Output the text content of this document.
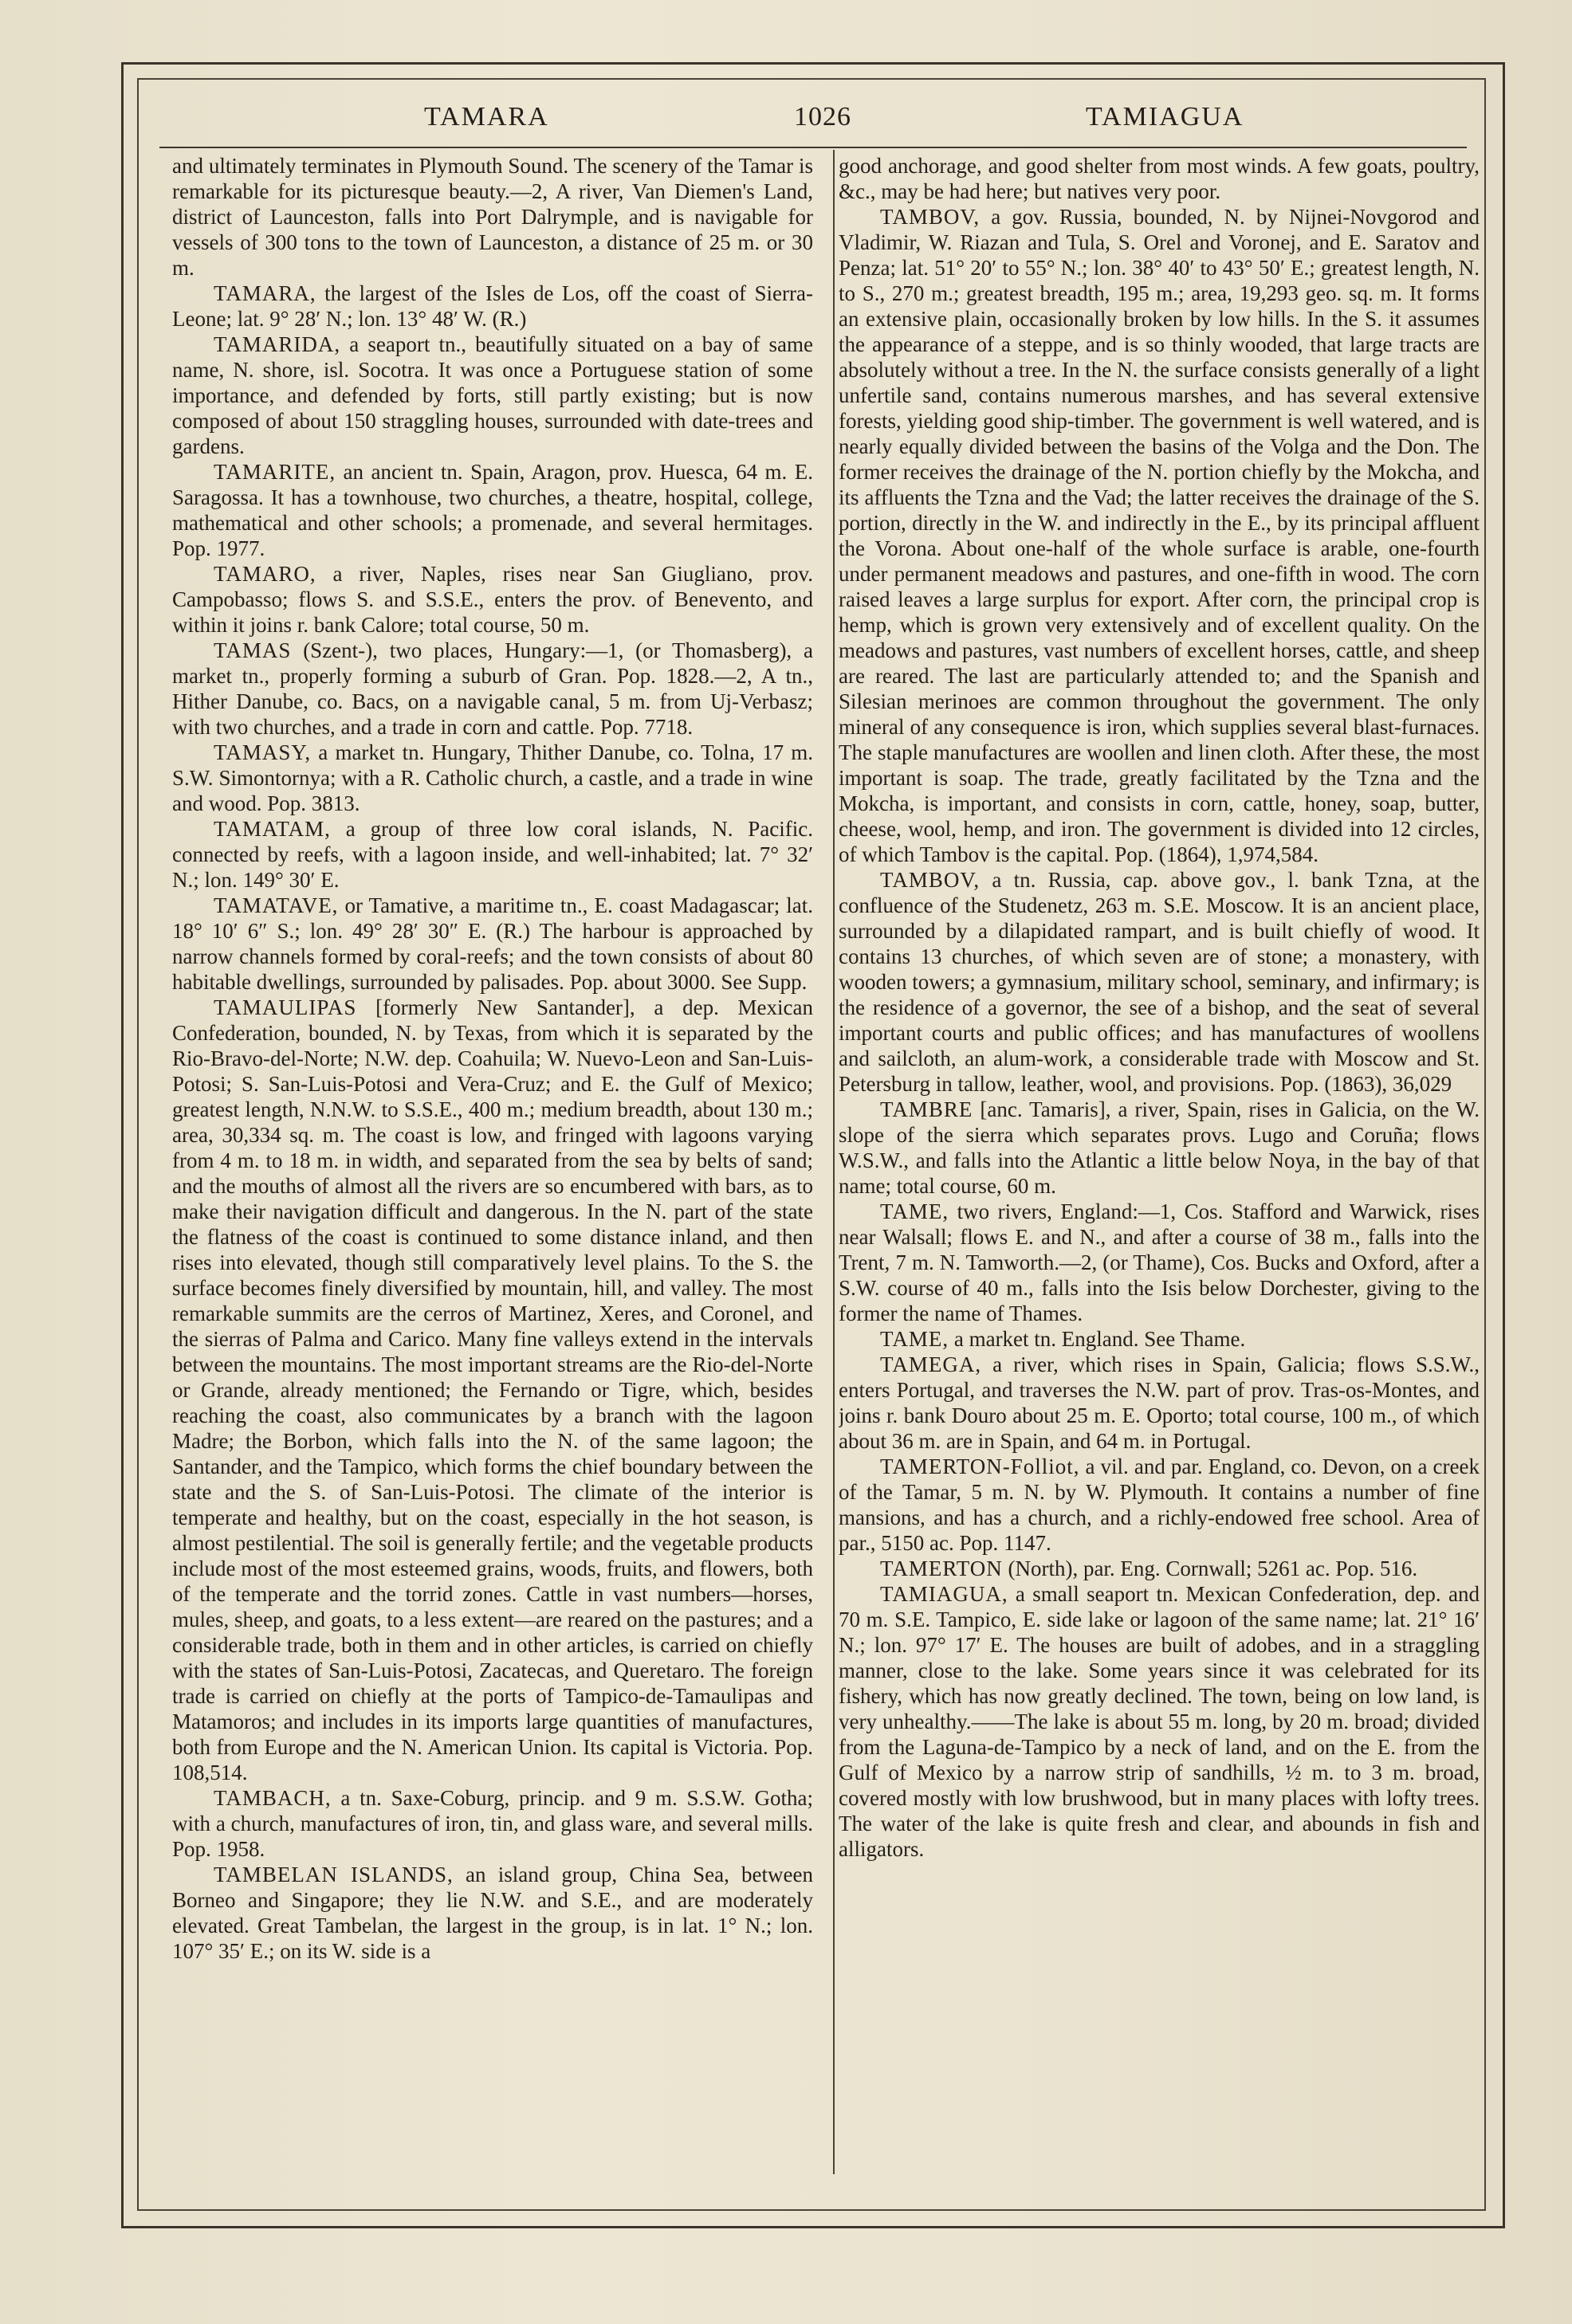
TAMARA	1026	TAMIAGUA

and ultimately terminates in Plymouth Sound. The scenery of the Tamar is remarkable for its picturesque beauty.—2, A river, Van Diemen's Land, district of Launceston, falls into Port Dalrymple, and is navigable for vessels of 300 tons to the town of Launceston, a distance of 25 m. or 30 m.

TAMARA, the largest of the Isles de Los, off the coast of Sierra-Leone; lat. 9° 28′ N.; lon. 13° 48′ W. (R.)

TAMARIDA, a seaport tn., beautifully situated on a bay of same name, N. shore, isl. Socotra. It was once a Portuguese station of some importance, and defended by forts, still partly existing; but is now composed of about 150 straggling houses, surrounded with date-trees and gardens.

TAMARITE, an ancient tn. Spain, Aragon, prov. Huesca, 64 m. E. Saragossa. It has a townhouse, two churches, a theatre, hospital, college, mathematical and other schools; a promenade, and several hermitages. Pop. 1977.

TAMARO, a river, Naples, rises near San Giugliano, prov. Campobasso; flows S. and S.S.E., enters the prov. of Benevento, and within it joins r. bank Calore; total course, 50 m.

TAMAS (Szent-), two places, Hungary:—1, (or Thomasberg), a market tn., properly forming a suburb of Gran. Pop. 1828.—2, A tn., Hither Danube, co. Bacs, on a navigable canal, 5 m. from Uj-Verbasz; with two churches, and a trade in corn and cattle. Pop. 7718.

TAMASY, a market tn. Hungary, Thither Danube, co. Tolna, 17 m. S.W. Simontornya; with a R. Catholic church, a castle, and a trade in wine and wood. Pop. 3813.

TAMATAM, a group of three low coral islands, N. Pacific. connected by reefs, with a lagoon inside, and well-inhabited; lat. 7° 32′ N.; lon. 149° 30′ E.

TAMATAVE, or Tamative, a maritime tn., E. coast Madagascar; lat. 18° 10′ 6″ S.; lon. 49° 28′ 30″ E. (R.) The harbour is approached by narrow channels formed by coral-reefs; and the town consists of about 80 habitable dwellings, surrounded by palisades. Pop. about 3000. See Supp.

TAMAULIPAS [formerly New Santander], a dep. Mexican Confederation, bounded, N. by Texas, from which it is separated by the Rio-Bravo-del-Norte; N.W. dep. Coahuila; W. Nuevo-Leon and San-Luis-Potosi; S. San-Luis-Potosi and Vera-Cruz; and E. the Gulf of Mexico; greatest length, N.N.W. to S.S.E., 400 m.; medium breadth, about 130 m.; area, 30,334 sq. m. The coast is low, and fringed with lagoons varying from 4 m. to 18 m. in width, and separated from the sea by belts of sand; and the mouths of almost all the rivers are so encumbered with bars, as to make their navigation difficult and dangerous. In the N. part of the state the flatness of the coast is continued to some distance inland, and then rises into elevated, though still comparatively level plains. To the S. the surface becomes finely diversified by mountain, hill, and valley. The most remarkable summits are the cerros of Martinez, Xeres, and Coronel, and the sierras of Palma and Carico. Many fine valleys extend in the intervals between the mountains. The most important streams are the Rio-del-Norte or Grande, already mentioned; the Fernando or Tigre, which, besides reaching the coast, also communicates by a branch with the lagoon Madre; the Borbon, which falls into the N. of the same lagoon; the Santander, and the Tampico, which forms the chief boundary between the state and the S. of San-Luis-Potosi. The climate of the interior is temperate and healthy, but on the coast, especially in the hot season, is almost pestilential. The soil is generally fertile; and the vegetable products include most of the most esteemed grains, woods, fruits, and flowers, both of the temperate and the torrid zones. Cattle in vast numbers—horses, mules, sheep, and goats, to a less extent—are reared on the pastures; and a considerable trade, both in them and in other articles, is carried on chiefly with the states of San-Luis-Potosi, Zacatecas, and Queretaro. The foreign trade is carried on chiefly at the ports of Tampico-de-Tamaulipas and Matamoros; and includes in its imports large quantities of manufactures, both from Europe and the N. American Union. Its capital is Victoria. Pop. 108,514.

TAMBACH, a tn. Saxe-Coburg, princip. and 9 m. S.S.W. Gotha; with a church, manufactures of iron, tin, and glass ware, and several mills. Pop. 1958.

TAMBELAN ISLANDS, an island group, China Sea, between Borneo and Singapore; they lie N.W. and S.E., and are moderately elevated. Great Tambelan, the largest in the group, is in lat. 1° N.; lon. 107° 35′ E.; on its W. side is a

good anchorage, and good shelter from most winds. A few goats, poultry, &c., may be had here; but natives very poor.

TAMBOV, a gov. Russia, bounded, N. by Nijnei-Novgorod and Vladimir, W. Riazan and Tula, S. Orel and Voronej, and E. Saratov and Penza; lat. 51° 20′ to 55° N.; lon. 38° 40′ to 43° 50′ E.; greatest length, N. to S., 270 m.; greatest breadth, 195 m.; area, 19,293 geo. sq. m. It forms an extensive plain, occasionally broken by low hills. In the S. it assumes the appearance of a steppe, and is so thinly wooded, that large tracts are absolutely without a tree. In the N. the surface consists generally of a light unfertile sand, contains numerous marshes, and has several extensive forests, yielding good ship-timber. The government is well watered, and is nearly equally divided between the basins of the Volga and the Don. The former receives the drainage of the N. portion chiefly by the Mokcha, and its affluents the Tzna and the Vad; the latter receives the drainage of the S. portion, directly in the W. and indirectly in the E., by its principal affluent the Vorona. About one-half of the whole surface is arable, one-fourth under permanent meadows and pastures, and one-fifth in wood. The corn raised leaves a large surplus for export. After corn, the principal crop is hemp, which is grown very extensively and of excellent quality. On the meadows and pastures, vast numbers of excellent horses, cattle, and sheep are reared. The last are particularly attended to; and the Spanish and Silesian merinoes are common throughout the government. The only mineral of any consequence is iron, which supplies several blast-furnaces. The staple manufactures are woollen and linen cloth. After these, the most important is soap. The trade, greatly facilitated by the Tzna and the Mokcha, is important, and consists in corn, cattle, honey, soap, butter, cheese, wool, hemp, and iron. The government is divided into 12 circles, of which Tambov is the capital. Pop. (1864), 1,974,584.

TAMBOV, a tn. Russia, cap. above gov., l. bank Tzna, at the confluence of the Studenetz, 263 m. S.E. Moscow. It is an ancient place, surrounded by a dilapidated rampart, and is built chiefly of wood. It contains 13 churches, of which seven are of stone; a monastery, with wooden towers; a gymnasium, military school, seminary, and infirmary; is the residence of a governor, the see of a bishop, and the seat of several important courts and public offices; and has manufactures of woollens and sailcloth, an alum-work, a considerable trade with Moscow and St. Petersburg in tallow, leather, wool, and provisions. Pop. (1863), 36,029

TAMBRE [anc. Tamaris], a river, Spain, rises in Galicia, on the W. slope of the sierra which separates provs. Lugo and Coruña; flows W.S.W., and falls into the Atlantic a little below Noya, in the bay of that name; total course, 60 m.

TAME, two rivers, England:—1, Cos. Stafford and Warwick, rises near Walsall; flows E. and N., and after a course of 38 m., falls into the Trent, 7 m. N. Tamworth.—2, (or Thame), Cos. Bucks and Oxford, after a S.W. course of 40 m., falls into the Isis below Dorchester, giving to the former the name of Thames.

TAME, a market tn. England. See Thame.

TAMEGA, a river, which rises in Spain, Galicia; flows S.S.W., enters Portugal, and traverses the N.W. part of prov. Tras-os-Montes, and joins r. bank Douro about 25 m. E. Oporto; total course, 100 m., of which about 36 m. are in Spain, and 64 m. in Portugal.

TAMERTON-Folliot, a vil. and par. England, co. Devon, on a creek of the Tamar, 5 m. N. by W. Plymouth. It contains a number of fine mansions, and has a church, and a richly-endowed free school. Area of par., 5150 ac. Pop. 1147.

TAMERTON (North), par. Eng. Cornwall; 5261 ac. Pop. 516.

TAMIAGUA, a small seaport tn. Mexican Confederation, dep. and 70 m. S.E. Tampico, E. side lake or lagoon of the same name; lat. 21° 16′ N.; lon. 97° 17′ E. The houses are built of adobes, and in a straggling manner, close to the lake. Some years since it was celebrated for its fishery, which has now greatly declined. The town, being on low land, is very unhealthy.——The lake is about 55 m. long, by 20 m. broad; divided from the Laguna-de-Tampico by a neck of land, and on the E. from the Gulf of Mexico by a narrow strip of sandhills, ½ m. to 3 m. broad, covered mostly with low brushwood, but in many places with lofty trees. The water of the lake is quite fresh and clear, and abounds in fish and alligators.
